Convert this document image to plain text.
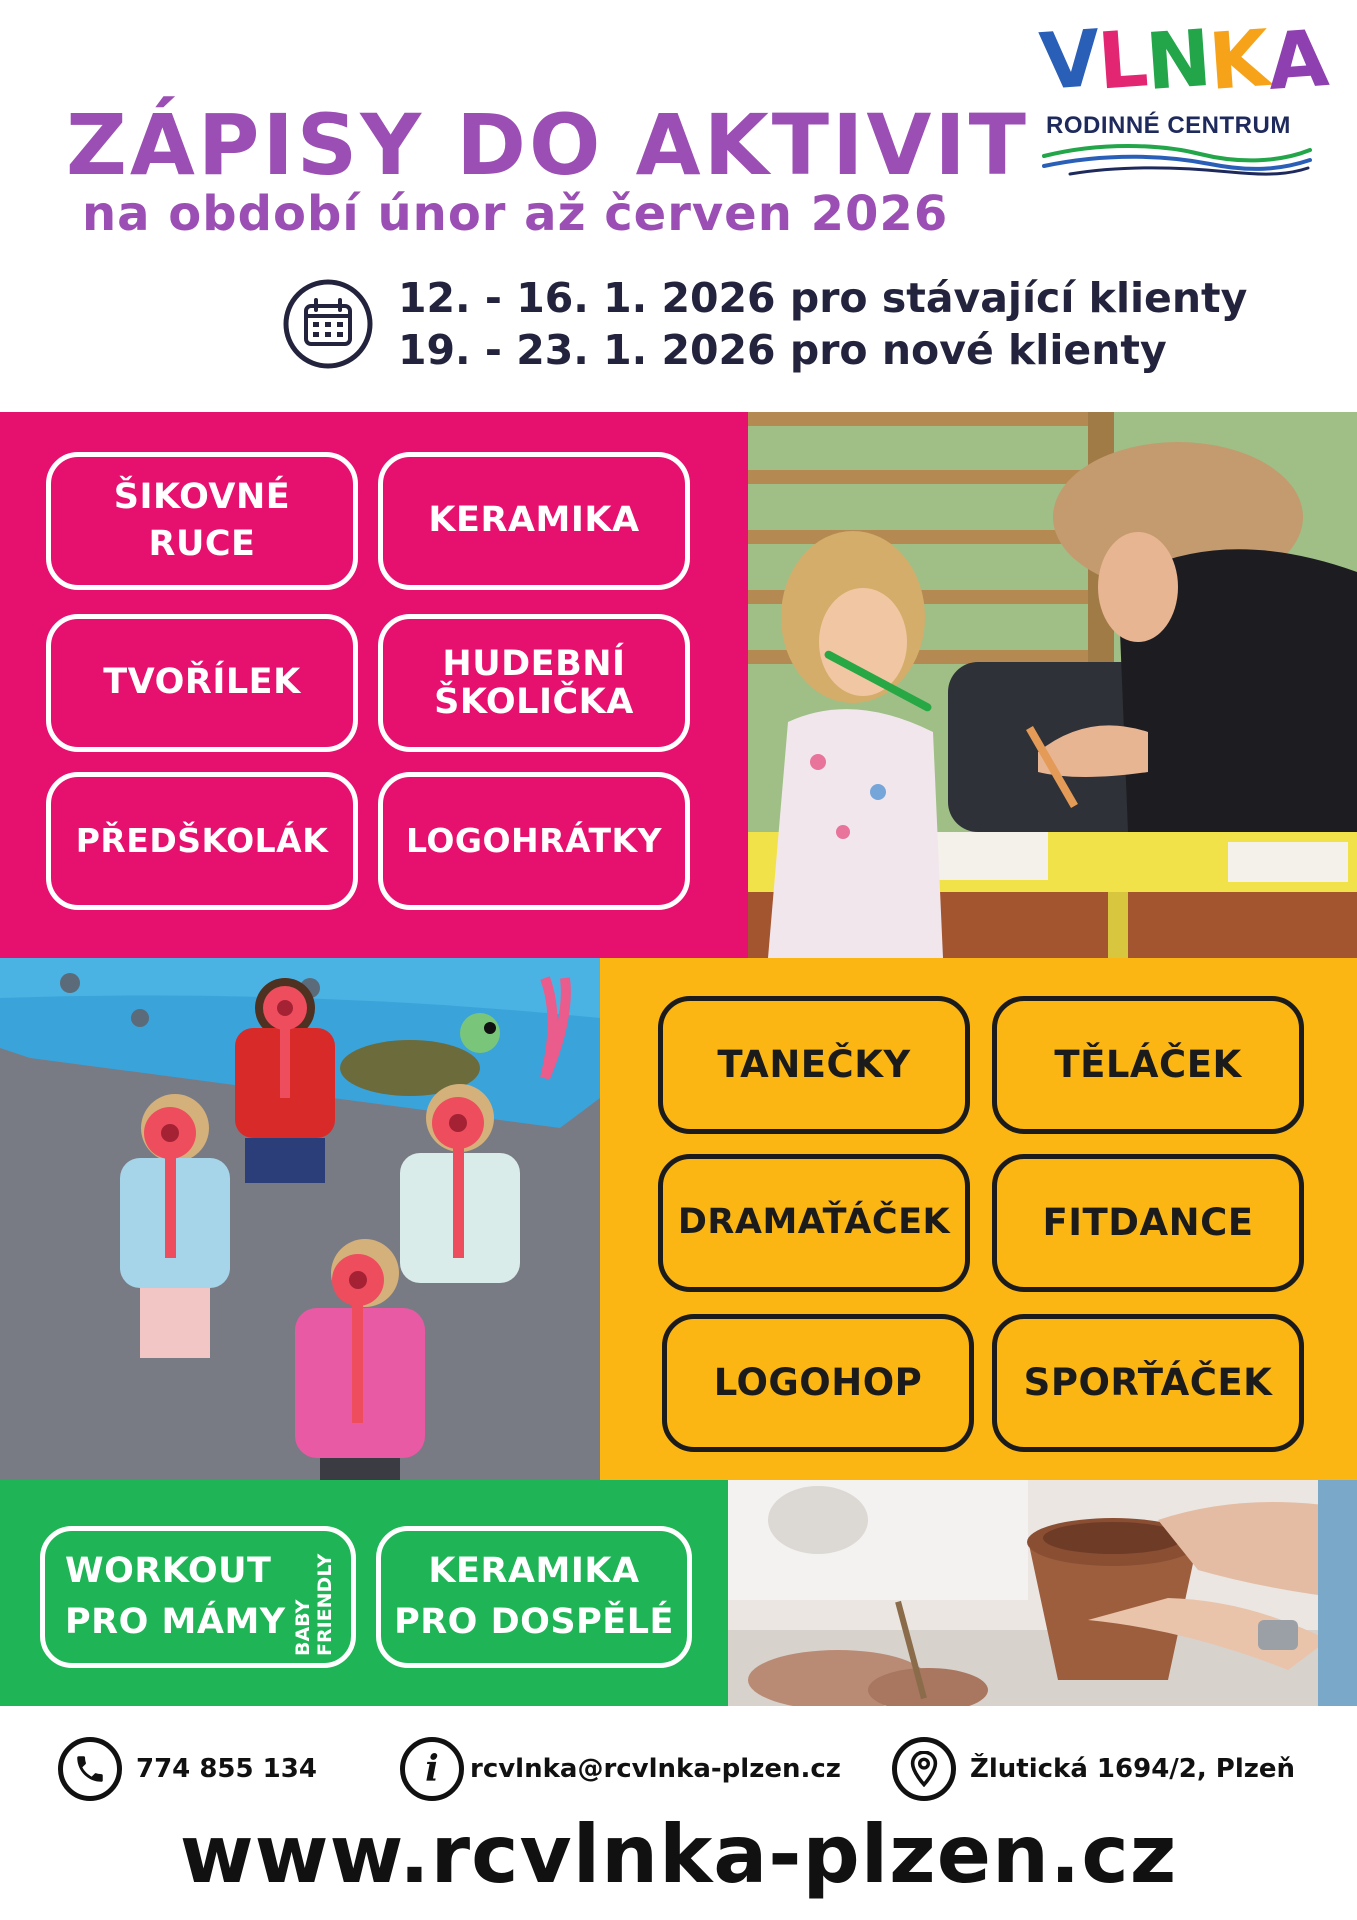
ZÁPISY DO AKTIVIT
na období únor až červen 2026
VLNKA
RODINNÉ CENTRUM
12. - 16. 1. 2026 pro stávající klienty
19. - 23. 1. 2026 pro nové klienty
ŠIKOVNÉ
RUCE
KERAMIKA
TVOŘÍLEK	HUDEBNÍ
ŠKOLIČKA
PŘEDŠKOLÁK	LOGOHRÁTKY
TANEČKY	TĚLÁČEK
DRAMAŤÁČEK	FITDANCE
LOGOHOP	SPORŤÁČEK
WORKOUT
PRO MÁMY BABY
FRIENDLY	KERAMIKA
PRO DOSPĚLÉ
774 855 134	i rcvlnka@rcvlnka-plzen.cz	Žlutická 1694/2, Plzeň
www.rcvlnka-plzen.cz
